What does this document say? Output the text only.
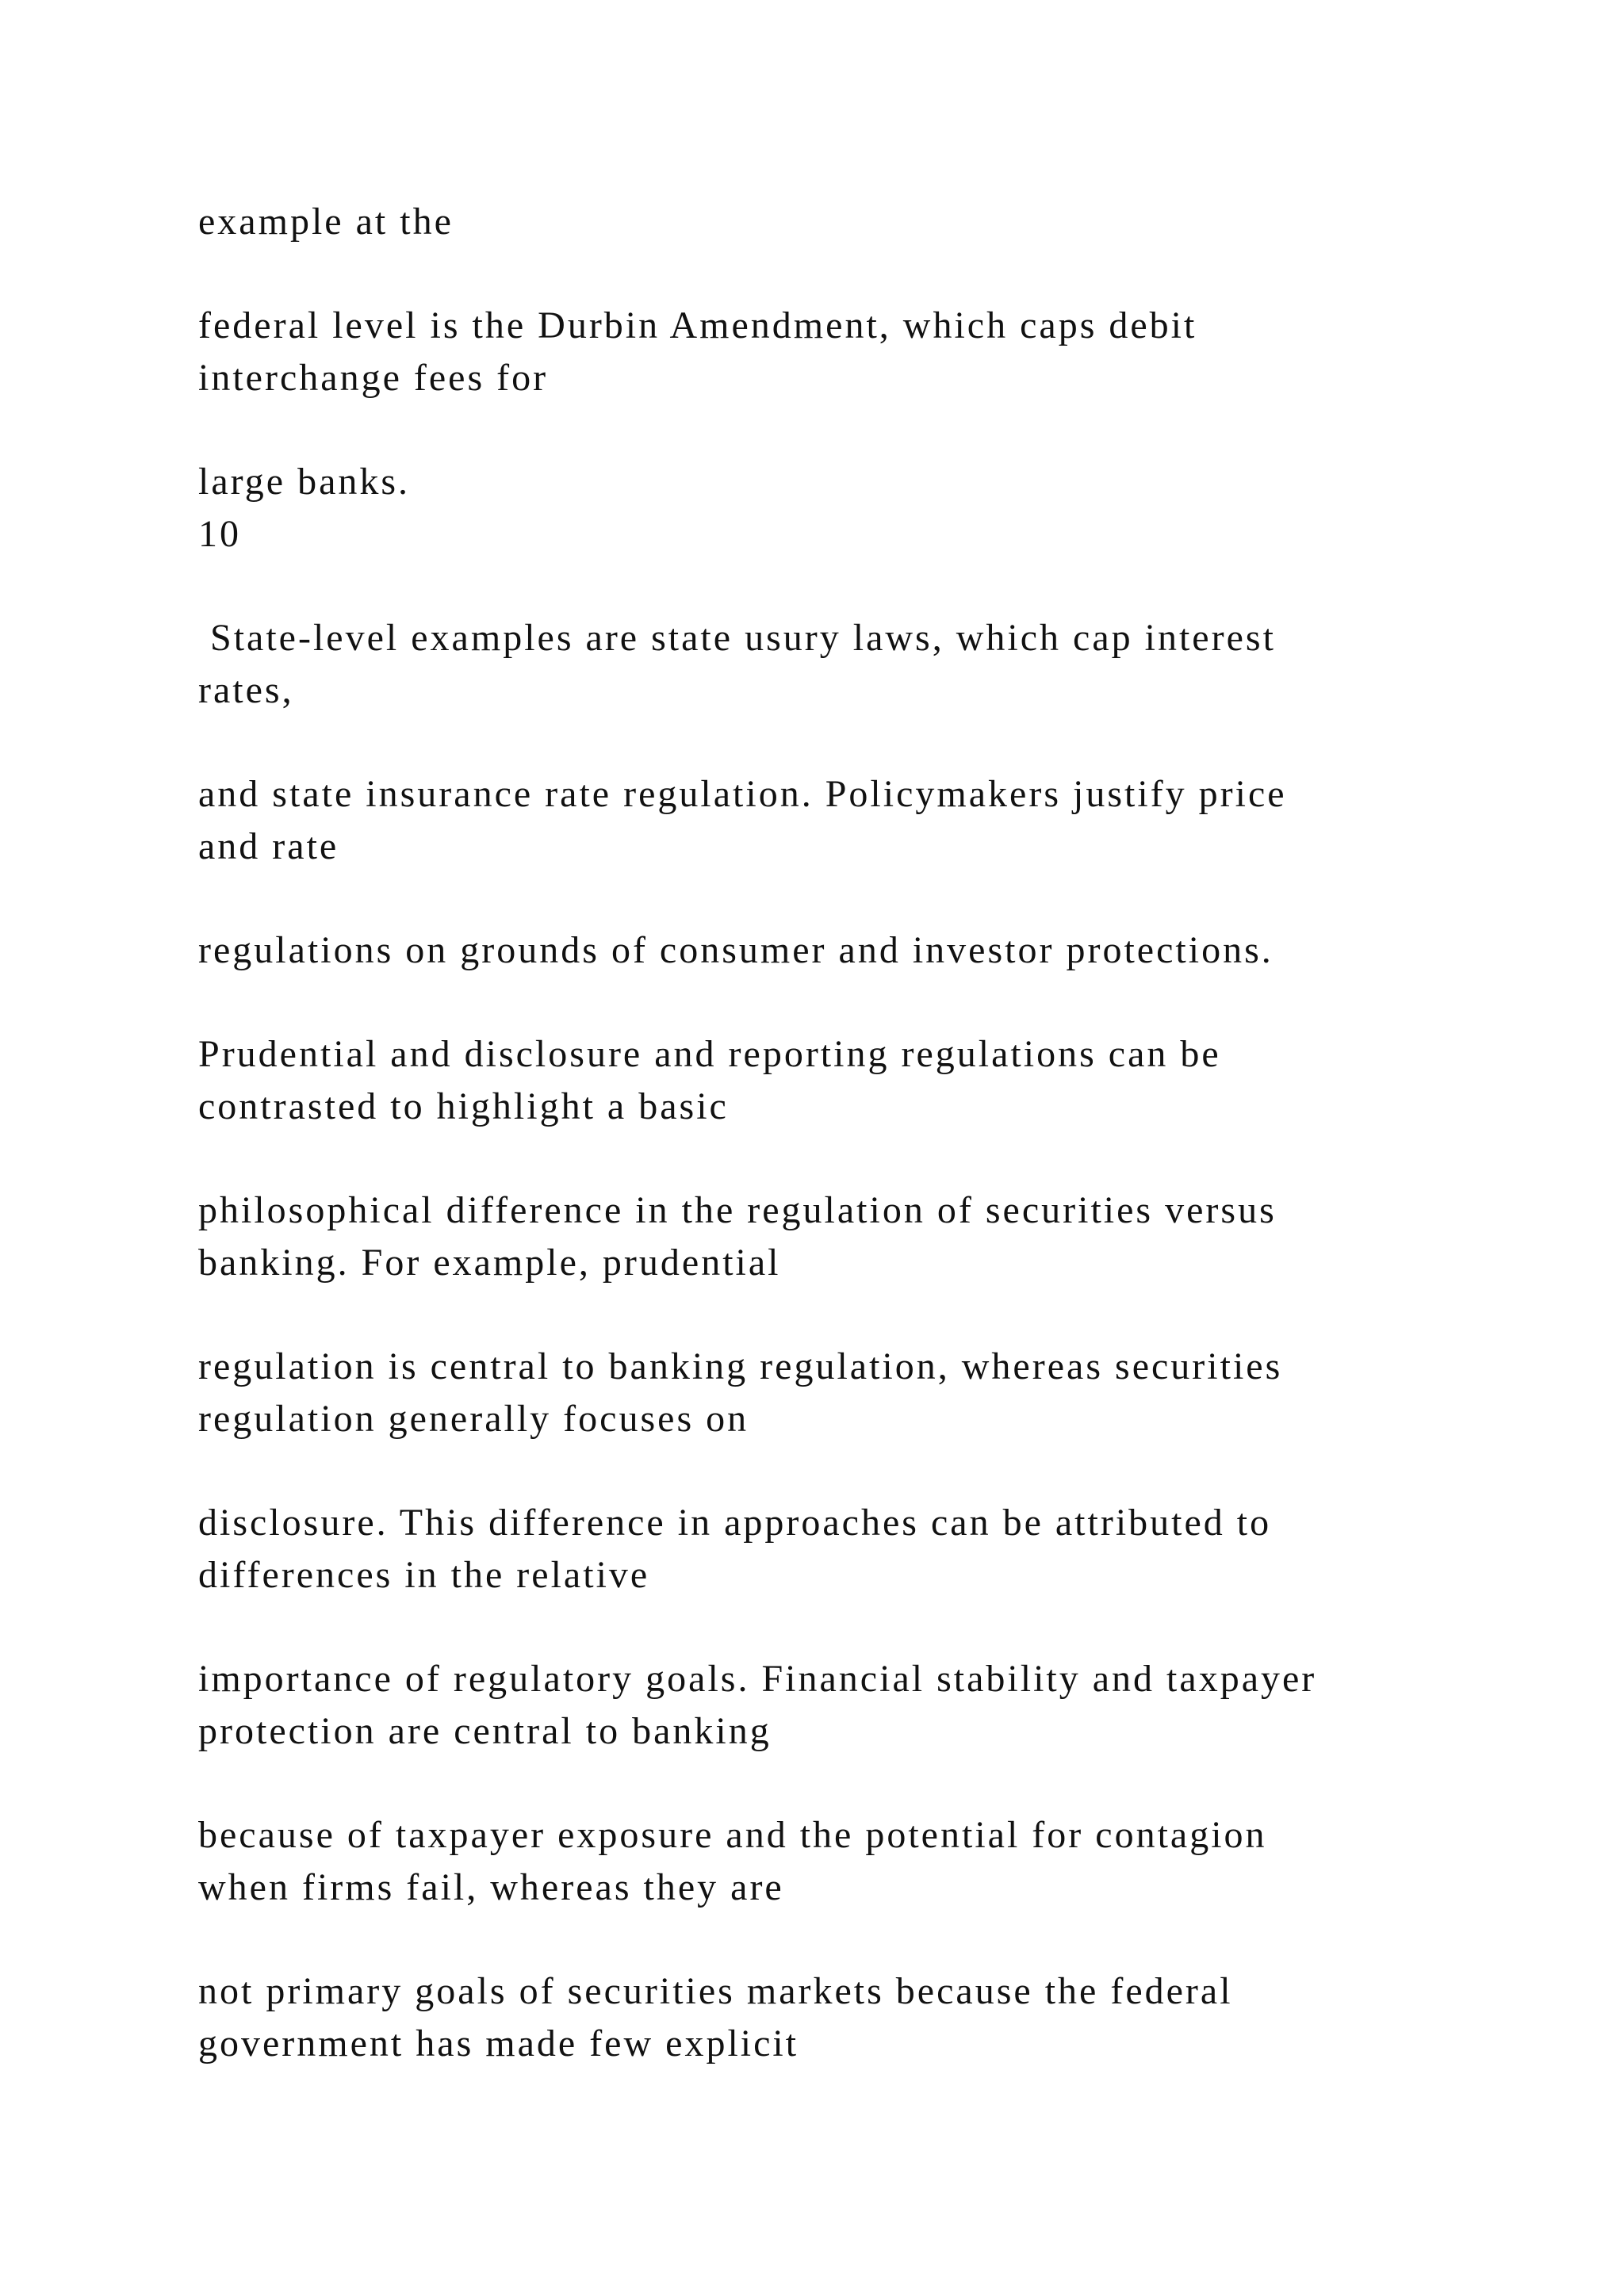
example at the

federal level is the Durbin Amendment, which caps debit

interchange fees for

large banks.

10

State-level examples are state usury laws, which cap interest

rates,

and state insurance rate regulation. Policymakers justify price

and rate

regulations on grounds of consumer and investor protections.

Prudential and disclosure and reporting regulations can be

contrasted to highlight a basic

philosophical difference in the regulation of securities versus

banking. For example, prudential

regulation is central to banking regulation, whereas securities

regulation generally focuses on

disclosure. This difference in approaches can be attributed to

differences in the relative

importance of regulatory goals. Financial stability and taxpayer

protection are central to banking

because of taxpayer exposure and the potential for contagion

when firms fail, whereas they are

not primary goals of securities markets because the federal

government has made few explicit
